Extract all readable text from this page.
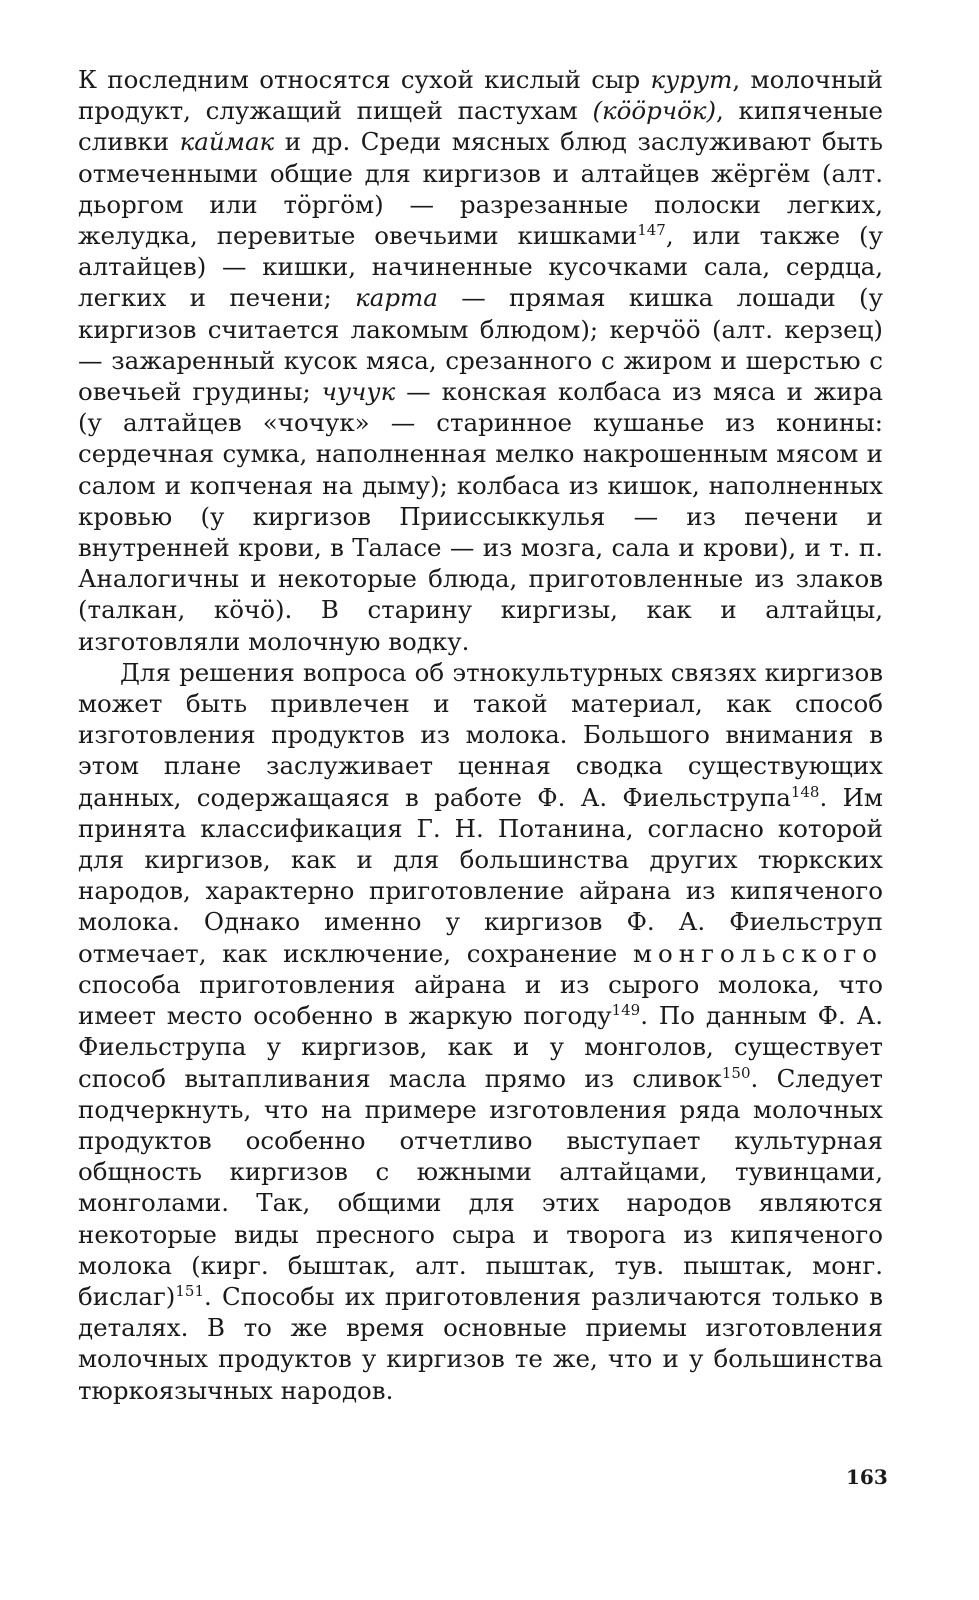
К последним относятся сухой кислый сыр курут, молочный продукт, служащий пищей пастухам (кӧӧрчӧк), кипяченые сливки каймак и др. Среди мясных блюд заслуживают быть отмеченными общие для киргизов и алтайцев жёргём (алт. дьоргом или тӧргӧм) — разрезанные полоски легких, желудка, перевитые овечьими кишками$^{147}$, или также (у алтайцев) — кишки, начиненные кусочками сала, сердца, легких и печени; карта — прямая кишка лошади (у киргизов считается лакомым блюдом); керчӧӧ (алт. керзец) — зажаренный кусок мяса, срезанного с жиром и шерстью с овечьей грудины; чучук — конская колбаса из мяса и жира (у алтайцев «чочук» — старинное кушанье из конины: сердечная сумка, наполненная мелко накрошенным мясом и салом и копченая на дыму); колбаса из кишок, наполненных кровью (у киргизов Прииссыккулья — из печени и внутренней крови, в Таласе — из мозга, сала и крови), и т. п. Аналогичны и некоторые блюда, приготовленные из злаков (талкан, кӧчӧ). В старину киргизы, как и алтайцы, изготовляли молочную водку.

Для решения вопроса об этнокультурных связях киргизов может быть привлечен и такой материал, как способ изготовления продуктов из молока. Большого внимания в этом плане заслуживает ценная сводка существующих данных, содержащаяся в работе Ф. А. Фиельструпа$^{148}$. Им принята классификация Г. Н. Потанина, согласно которой для киргизов, как и для большинства других тюркских народов, характерно приготовление айрана из кипяченого молока. Однако именно у киргизов Ф. А. Фиельструп отмечает, как исключение, сохранение монгольского способа приготовления айрана и из сырого молока, что имеет место особенно в жаркую погоду$^{149}$. По данным Ф. А. Фиельструпа у киргизов, как и у монголов, существует способ вытапливания масла прямо из сливок$^{150}$. Следует подчеркнуть, что на примере изготовления ряда молочных продуктов особенно отчетливо выступает культурная общность киргизов с южными алтайцами, тувинцами, монголами. Так, общими для этих народов являются некоторые виды пресного сыра и творога из кипяченого молока (кирг. быштак, алт. пыштак, тув. пыштак, монг. бислаг)$^{151}$. Способы их приготовления различаются только в деталях. В то же время основные приемы изготовления молочных продуктов у киргизов те же, что и у большинства тюркоязычных народов.

163
